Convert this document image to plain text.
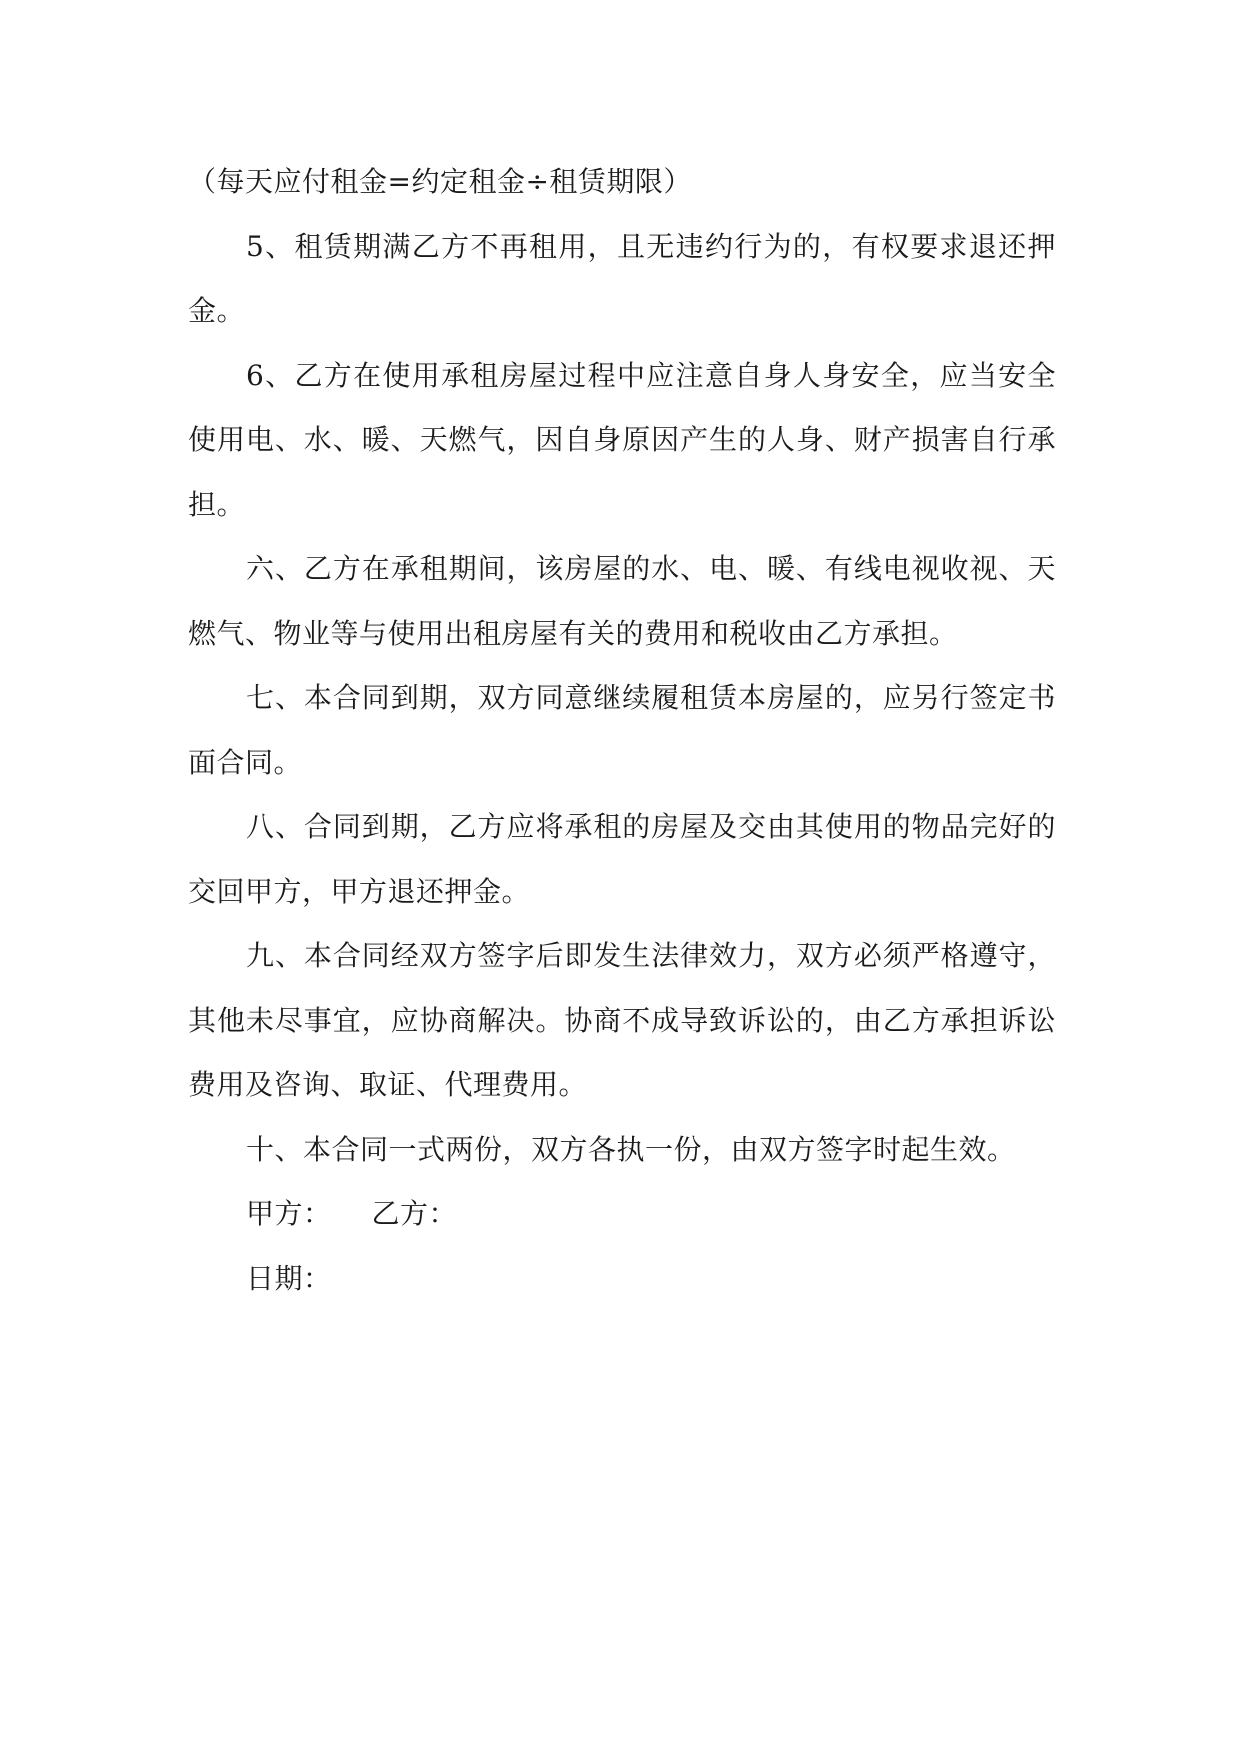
（每天应付租金=约定租金÷租赁期限）

5、租赁期满乙方不再租用，且无违约行为的，有权要求退还押金。

6、乙方在使用承租房屋过程中应注意自身人身安全，应当安全使用电、水、暖、天燃气，因自身原因产生的人身、财产损害自行承担。

六、乙方在承租期间，该房屋的水、电、暖、有线电视收视、天燃气、物业等与使用出租房屋有关的费用和税收由乙方承担。

七、本合同到期，双方同意继续履租赁本房屋的，应另行签定书面合同。

八、合同到期，乙方应将承租的房屋及交由其使用的物品完好的交回甲方，甲方退还押金。

九、本合同经双方签字后即发生法律效力，双方必须严格遵守，其他未尽事宜，应协商解决。协商不成导致诉讼的，由乙方承担诉讼费用及咨询、取证、代理费用。

十、本合同一式两份，双方各执一份，由双方签字时起生效。

甲方： 乙方：

日期：
